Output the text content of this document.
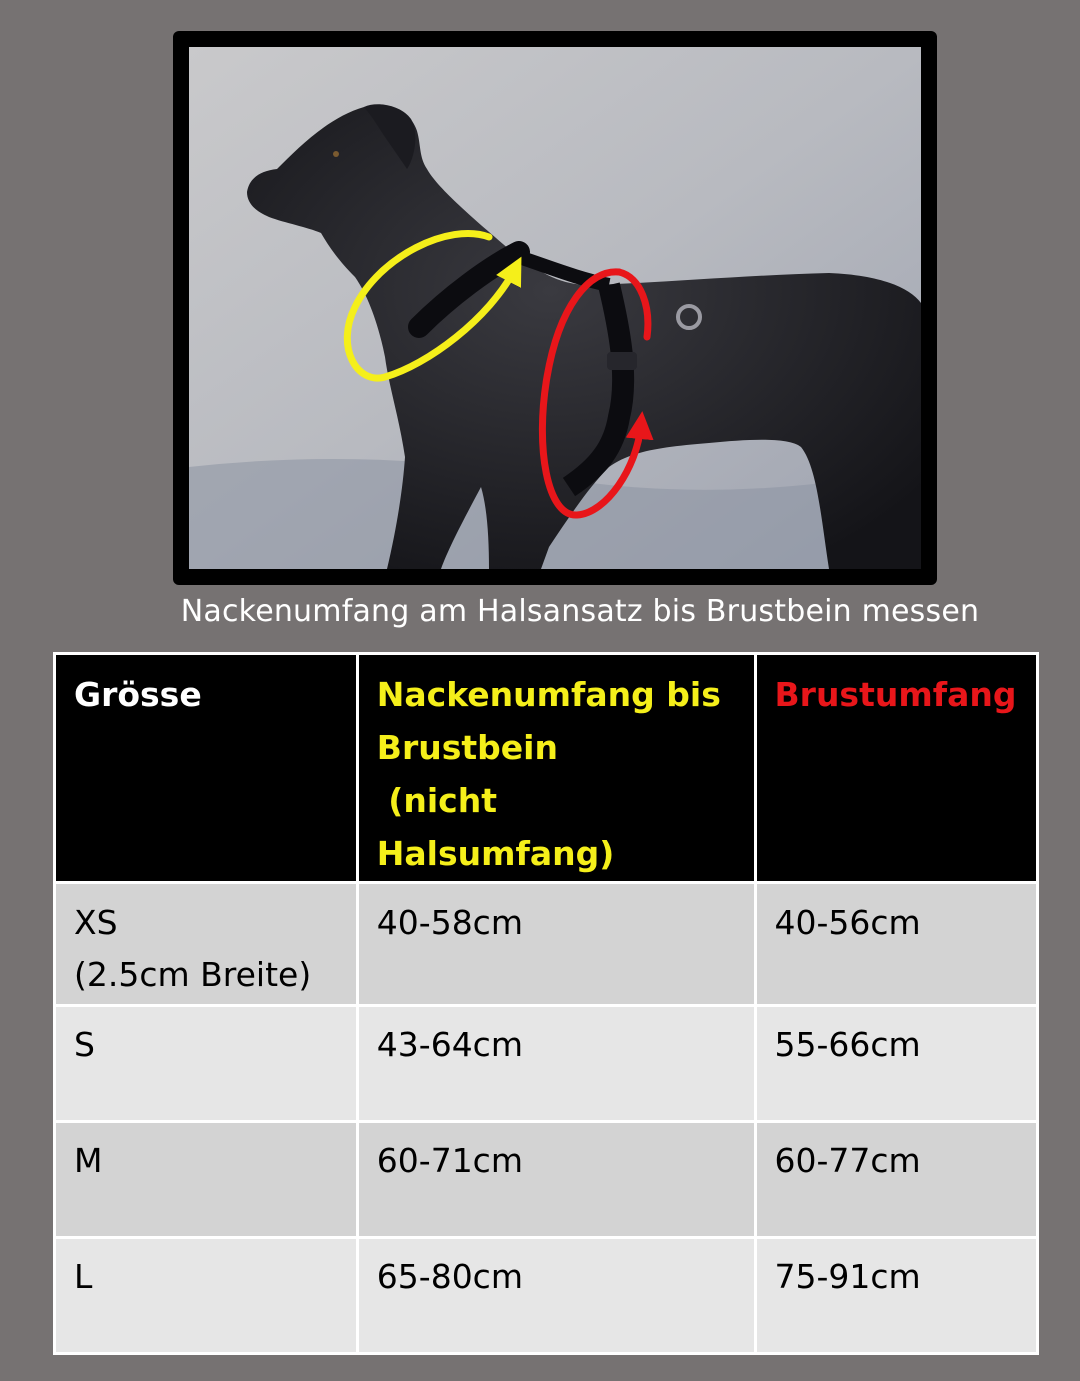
Nackenumfang am Halsansatz bis Brustbein messen
Grösse	Nackenumfang bis
Brustbein
(nicht
Halsumfang)	Brustumfang

XS
(2.5cm Breite)	40-58cm	40-56cm
S	43-64cm	55-66cm
M	60-71cm	60-77cm
L	65-80cm	75-91cm
